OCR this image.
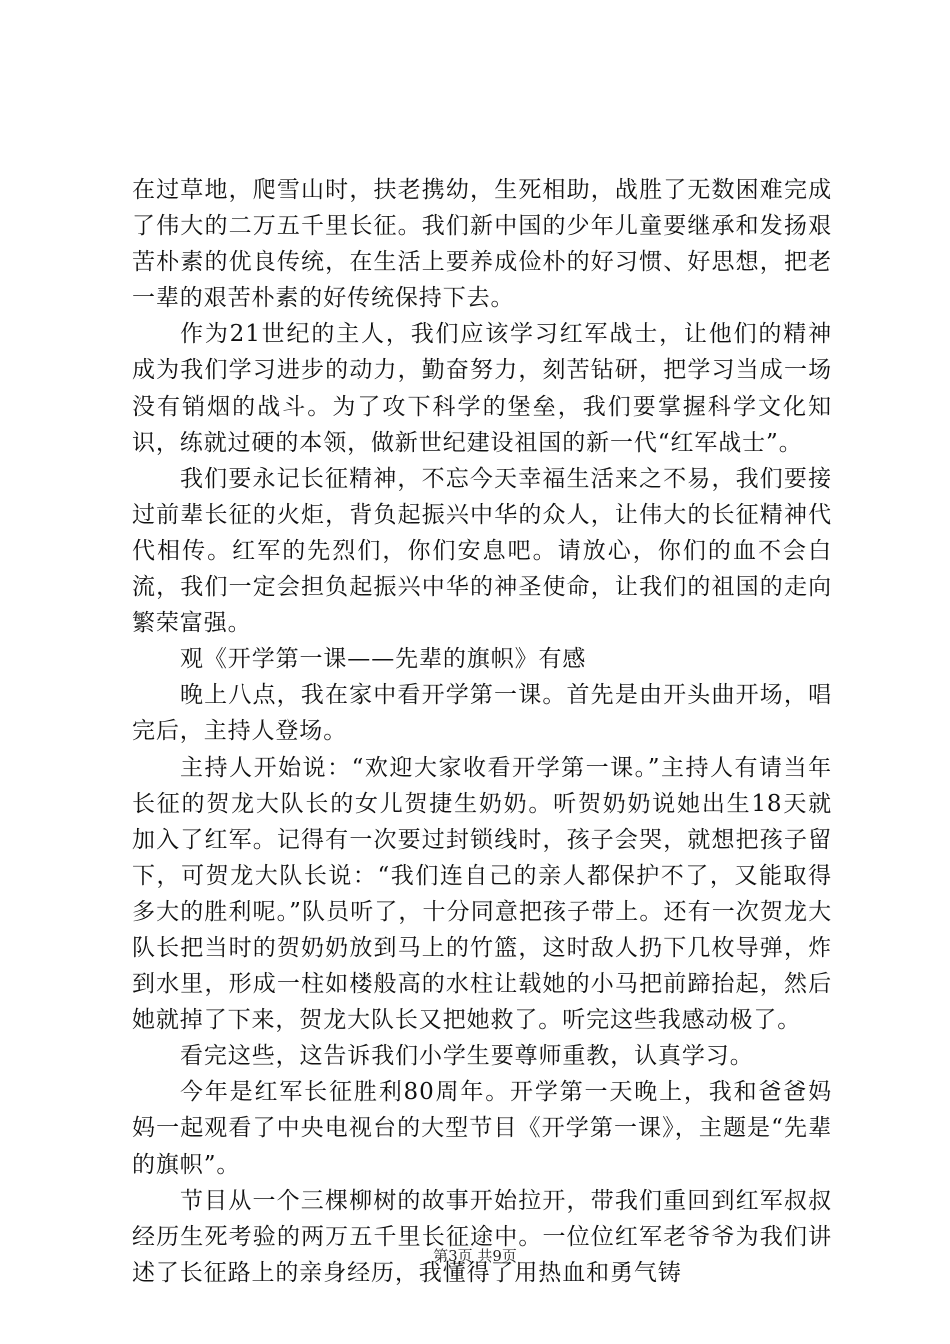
在过草地，爬雪山时，扶老携幼，生死相助，战胜了无数困难完成了伟大的二万五千里长征。我们新中国的少年儿童要继承和发扬艰苦朴素的优良传统，在生活上要养成俭朴的好习惯、好思想，把老一辈的艰苦朴素的好传统保持下去。

作为21世纪的主人，我们应该学习红军战士，让他们的精神成为我们学习进步的动力，勤奋努力，刻苦钻研，把学习当成一场没有销烟的战斗。为了攻下科学的堡垒，我们要掌握科学文化知识，练就过硬的本领，做新世纪建设祖国的新一代“红军战士”。

我们要永记长征精神，不忘今天幸福生活来之不易，我们要接过前辈长征的火炬，背负起振兴中华的众人，让伟大的长征精神代代相传。红军的先烈们，你们安息吧。请放心，你们的血不会白流，我们一定会担负起振兴中华的神圣使命，让我们的祖国的走向繁荣富强。

观《开学第一课——先辈的旗帜》有感

晚上八点，我在家中看开学第一课。首先是由开头曲开场，唱完后，主持人登场。

主持人开始说：“欢迎大家收看开学第一课。”主持人有请当年长征的贺龙大队长的女儿贺捷生奶奶。听贺奶奶说她出生18天就加入了红军。记得有一次要过封锁线时，孩子会哭，就想把孩子留下，可贺龙大队长说：“我们连自己的亲人都保护不了，又能取得多大的胜利呢。”队员听了，十分同意把孩子带上。还有一次贺龙大队长把当时的贺奶奶放到马上的竹篮，这时敌人扔下几枚导弹，炸到水里，形成一柱如楼般高的水柱让载她的小马把前蹄抬起，然后她就掉了下来，贺龙大队长又把她救了。听完这些我感动极了。

看完这些，这告诉我们小学生要尊师重教，认真学习。

今年是红军长征胜利80周年。开学第一天晚上，我和爸爸妈妈一起观看了中央电视台的大型节目《开学第一课》，主题是“先辈的旗帜”。

节目从一个三棵柳树的故事开始拉开，带我们重回到红军叔叔经历生死考验的两万五千里长征途中。一位位红军老爷爷为我们讲述了长征路上的亲身经历，我懂得了用热血和勇气铸

第3页 共9页
